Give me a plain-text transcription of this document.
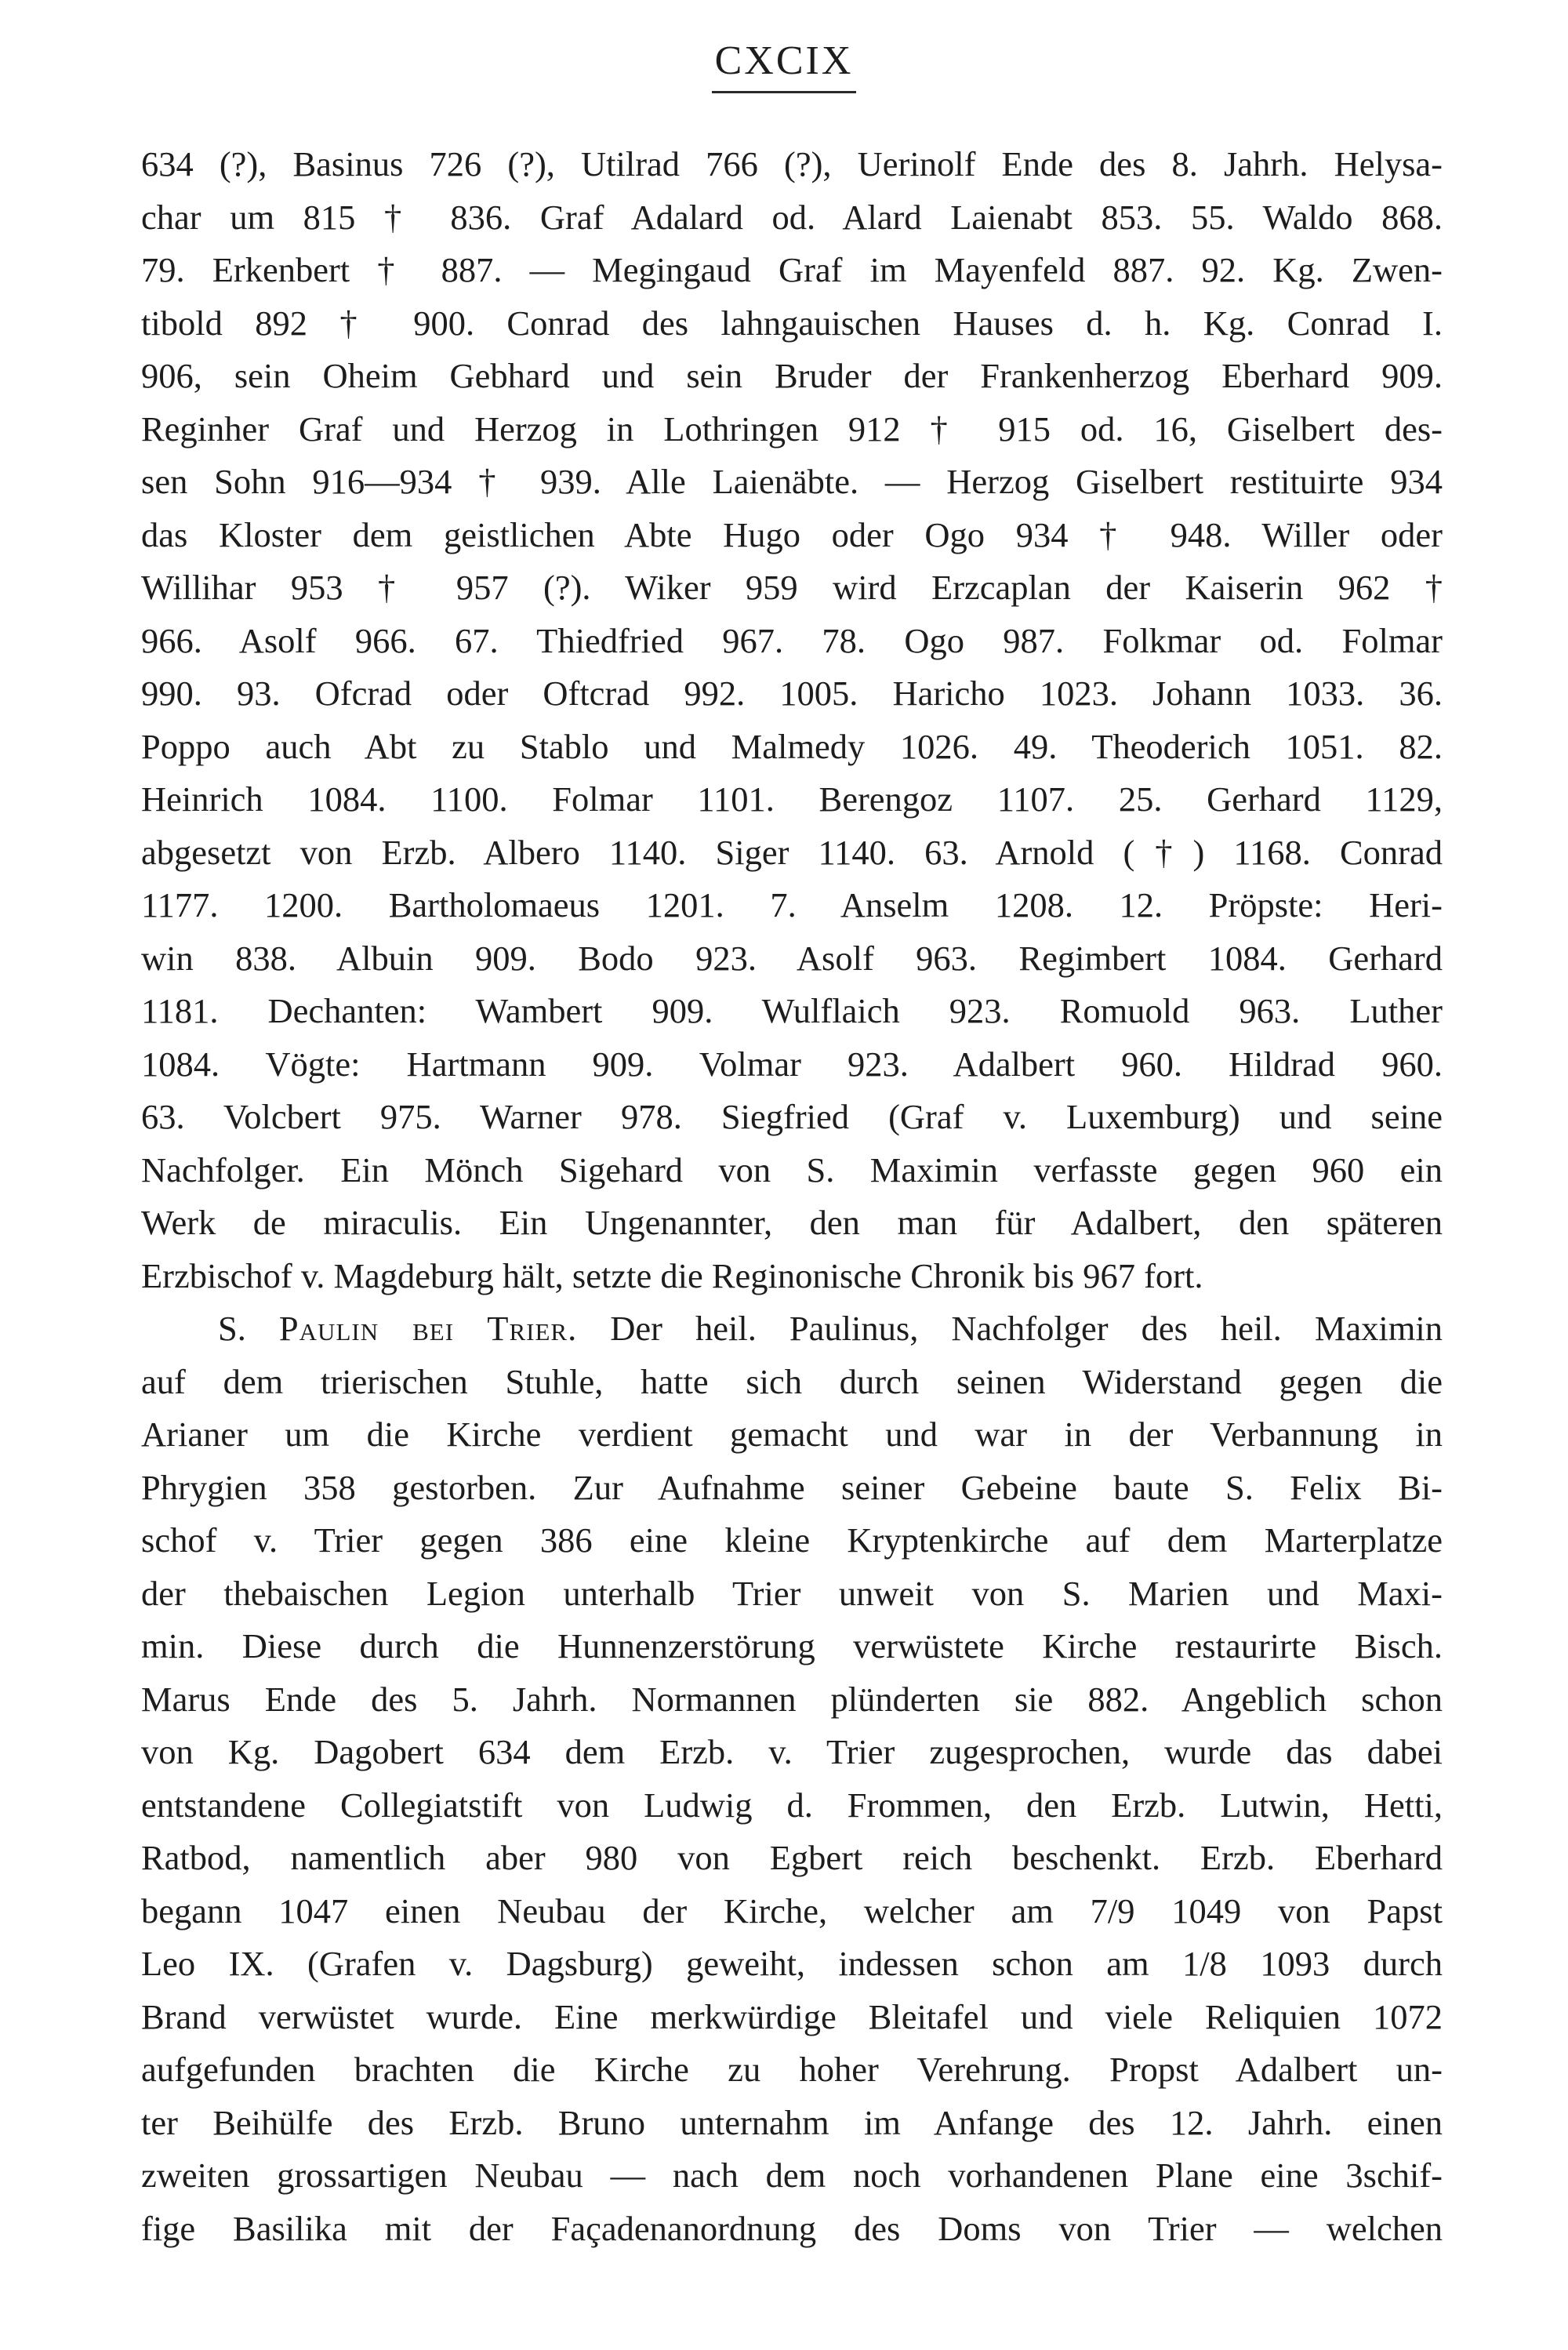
CXCIX
634 (?), Basinus 726 (?), Utilrad 766 (?), Uerinolf Ende des 8. Jahrh. Helysa-
char um 815 † 836. Graf Adalard od. Alard Laienabt 853. 55. Waldo 868.
79. Erkenbert † 887. — Megingaud Graf im Mayenfeld 887. 92. Kg. Zwen-
tibold 892 † 900. Conrad des lahngauischen Hauses d. h. Kg. Conrad I.
906, sein Oheim Gebhard und sein Bruder der Frankenherzog Eberhard 909.
Reginher Graf und Herzog in Lothringen 912 † 915 od. 16, Giselbert des-
sen Sohn 916—934 † 939. Alle Laienäbte. — Herzog Giselbert restituirte 934
das Kloster dem geistlichen Abte Hugo oder Ogo 934 † 948. Willer oder
Willihar 953 † 957 (?). Wiker 959 wird Erzcaplan der Kaiserin 962 †
966. Asolf 966. 67. Thiedfried 967. 78. Ogo 987. Folkmar od. Folmar
990. 93. Ofcrad oder Oftcrad 992. 1005. Haricho 1023. Johann 1033. 36.
Poppo auch Abt zu Stablo und Malmedy 1026. 49. Theoderich 1051. 82.
Heinrich 1084. 1100. Folmar 1101. Berengoz 1107. 25. Gerhard 1129,
abgesetzt von Erzb. Albero 1140. Siger 1140. 63. Arnold (†) 1168. Conrad
1177. 1200. Bartholomaeus 1201. 7. Anselm 1208. 12. Pröpste: Heri-
win 838. Albuin 909. Bodo 923. Asolf 963. Regimbert 1084. Gerhard
1181. Dechanten: Wambert 909. Wulflaich 923. Romuold 963. Luther
1084. Vögte: Hartmann 909. Volmar 923. Adalbert 960. Hildrad 960.
63. Volcbert 975. Warner 978. Siegfried (Graf v. Luxemburg) und seine
Nachfolger. Ein Mönch Sigehard von S. Maximin verfasste gegen 960 ein
Werk de miraculis. Ein Ungenannter, den man für Adalbert, den späteren
Erzbischof v. Magdeburg hält, setzte die Reginonische Chronik bis 967 fort.
S. Paulin bei Trier. Der heil. Paulinus, Nachfolger des heil. Maximin
auf dem trierischen Stuhle, hatte sich durch seinen Widerstand gegen die
Arianer um die Kirche verdient gemacht und war in der Verbannung in
Phrygien 358 gestorben. Zur Aufnahme seiner Gebeine baute S. Felix Bi-
schof v. Trier gegen 386 eine kleine Kryptenkirche auf dem Marterplatze
der thebaischen Legion unterhalb Trier unweit von S. Marien und Maxi-
min. Diese durch die Hunnenzerstörung verwüstete Kirche restaurirte Bisch.
Marus Ende des 5. Jahrh. Normannen plünderten sie 882. Angeblich schon
von Kg. Dagobert 634 dem Erzb. v. Trier zugesprochen, wurde das dabei
entstandene Collegiatstift von Ludwig d. Frommen, den Erzb. Lutwin, Hetti,
Ratbod, namentlich aber 980 von Egbert reich beschenkt. Erzb. Eberhard
begann 1047 einen Neubau der Kirche, welcher am 7/9 1049 von Papst
Leo IX. (Grafen v. Dagsburg) geweiht, indessen schon am 1/8 1093 durch
Brand verwüstet wurde. Eine merkwürdige Bleitafel und viele Reliquien 1072
aufgefunden brachten die Kirche zu hoher Verehrung. Propst Adalbert un-
ter Beihülfe des Erzb. Bruno unternahm im Anfange des 12. Jahrh. einen
zweiten grossartigen Neubau — nach dem noch vorhandenen Plane eine 3schif-
fige Basilika mit der Façadenanordnung des Doms von Trier — welchen
